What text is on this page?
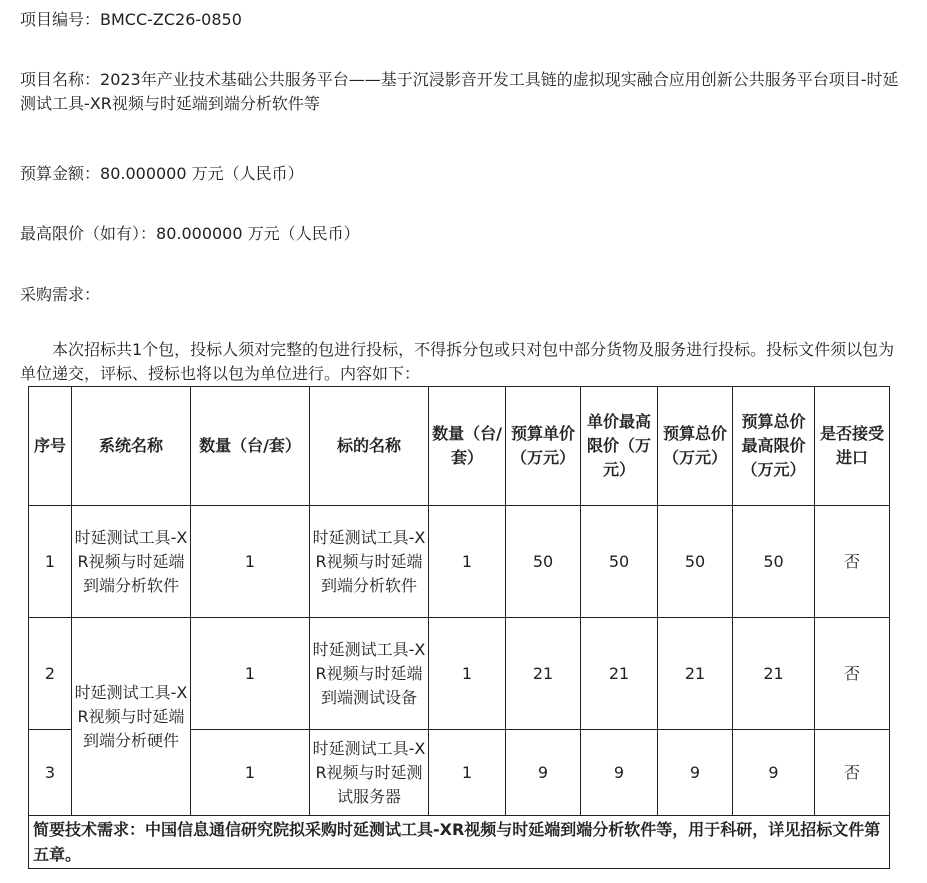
项目编号：BMCC-ZC26-0850

项目名称：2023年产业技术基础公共服务平台——基于沉浸影音开发工具链的虚拟现实融合应用创新公共服务平台项目-时延测试工具-XR视频与时延端到端分析软件等

预算金额：80.000000 万元（人民币）

最高限价（如有）：80.000000 万元（人民币）

采购需求：

本次招标共1个包，投标人须对完整的包进行投标，不得拆分包或只对包中部分货物及服务进行投标。投标文件须以包为单位递交，评标、授标也将以包为单位进行。内容如下：

序号	系统名称	数量（台/套）	标的名称	数量（台/套）	预算单价（万元）	单价最高限价（万元）	预算总价（万元）	预算总价最高限价（万元）	是否接受进口
1	时延测试工具-XR视频与时延端到端分析软件	1	时延测试工具-XR视频与时延端到端分析软件	1	50	50	50	50	否
2	时延测试工具-XR视频与时延端到端分析硬件	1	时延测试工具-XR视频与时延端到端测试设备	1	21	21	21	21	否
3		1	时延测试工具-XR视频与时延测试服务器	1	9	9	9	9	否
简要技术需求：中国信息通信研究院拟采购时延测试工具-XR视频与时延端到端分析软件等，用于科研，详见招标文件第五章。									
